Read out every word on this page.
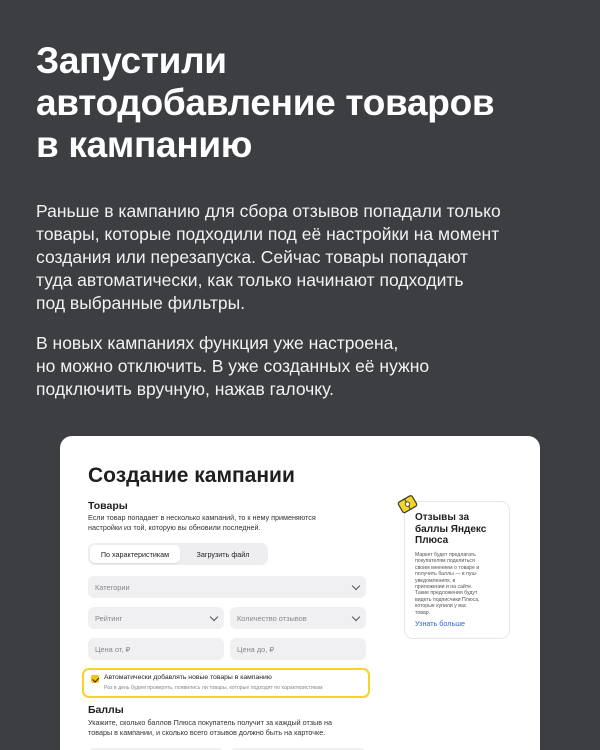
Запустили
автодобавление товаров
в кампанию
Раньше в кампанию для сбора отзывов попадали только
товары, которые подходили под её настройки на момент
создания или перезапуска. Сейчас товары попадают
туда автоматически, как только начинают подходить
под выбранные фильтры.
В новых кампаниях функция уже настроена,
но можно отключить. В уже созданных её нужно
подключить вручную, нажав галочку.
Создание кампании
Товары
Если товар попадает в несколько кампаний, то к нему применяются
настройки из той, которую вы обновили последней.
По характеристикам	Загрузить файл
Категории
Рейтинг	Количество отзывов
Цена от, ₽	Цена до, ₽
Автоматически добавлять новые товары в кампанию
Раз в день будем проверять, появились ли товары, которые подходят по характеристикам
Баллы
Укажите, сколько баллов Плюса покупатель получит за каждый отзыв на
товары в кампании, и сколько всего отзывов должно быть на карточке.
Отзывы за
баллы Яндекс
Плюса
Маркет будет предлагать
покупателям поделиться
своим мнением о товаре и
получить баллы — в пуш-
уведомлениях, в
приложении и на сайте.
Такие предложения будут
видеть подписчики Плюса,
которые купили у вас
товар.
Узнать больше
